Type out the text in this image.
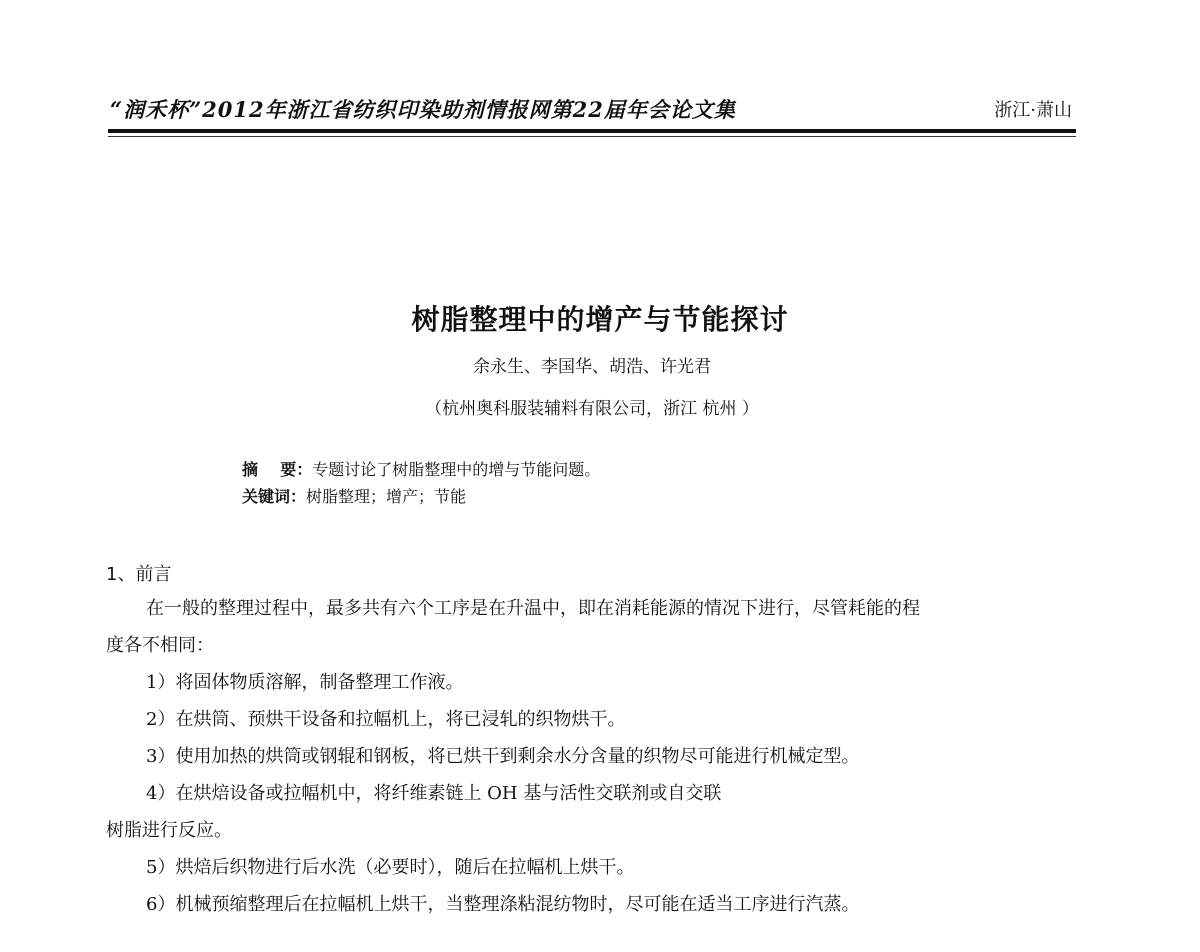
“润禾杯”2012年浙江省纺织印染助剂情报网第22届年会论文集	浙江·萧山
树脂整理中的增产与节能探讨
余永生、李国华、胡浩、许光君
（杭州奥科服装辅料有限公司，浙江 杭州 ）
摘    要：专题讨论了树脂整理中的增与节能问题。
关键词：树脂整理；增产；节能
1、前言

在一般的整理过程中，最多共有六个工序是在升温中，即在消耗能源的情况下进行，尽管耗能的程

度各不相同：

1）将固体物质溶解，制备整理工作液。

2）在烘筒、预烘干设备和拉幅机上，将已浸轧的织物烘干。

3）使用加热的烘筒或钢辊和钢板，将已烘干到剩余水分含量的织物尽可能进行机械定型。

4）在烘焙设备或拉幅机中，将纤维素链上 OH 基与活性交联剂或自交联

树脂进行反应。

5）烘焙后织物进行后水洗（必要时），随后在拉幅机上烘干。

6）机械预缩整理后在拉幅机上烘干，当整理涤粘混纺物时，尽可能在适当工序进行汽蒸。
